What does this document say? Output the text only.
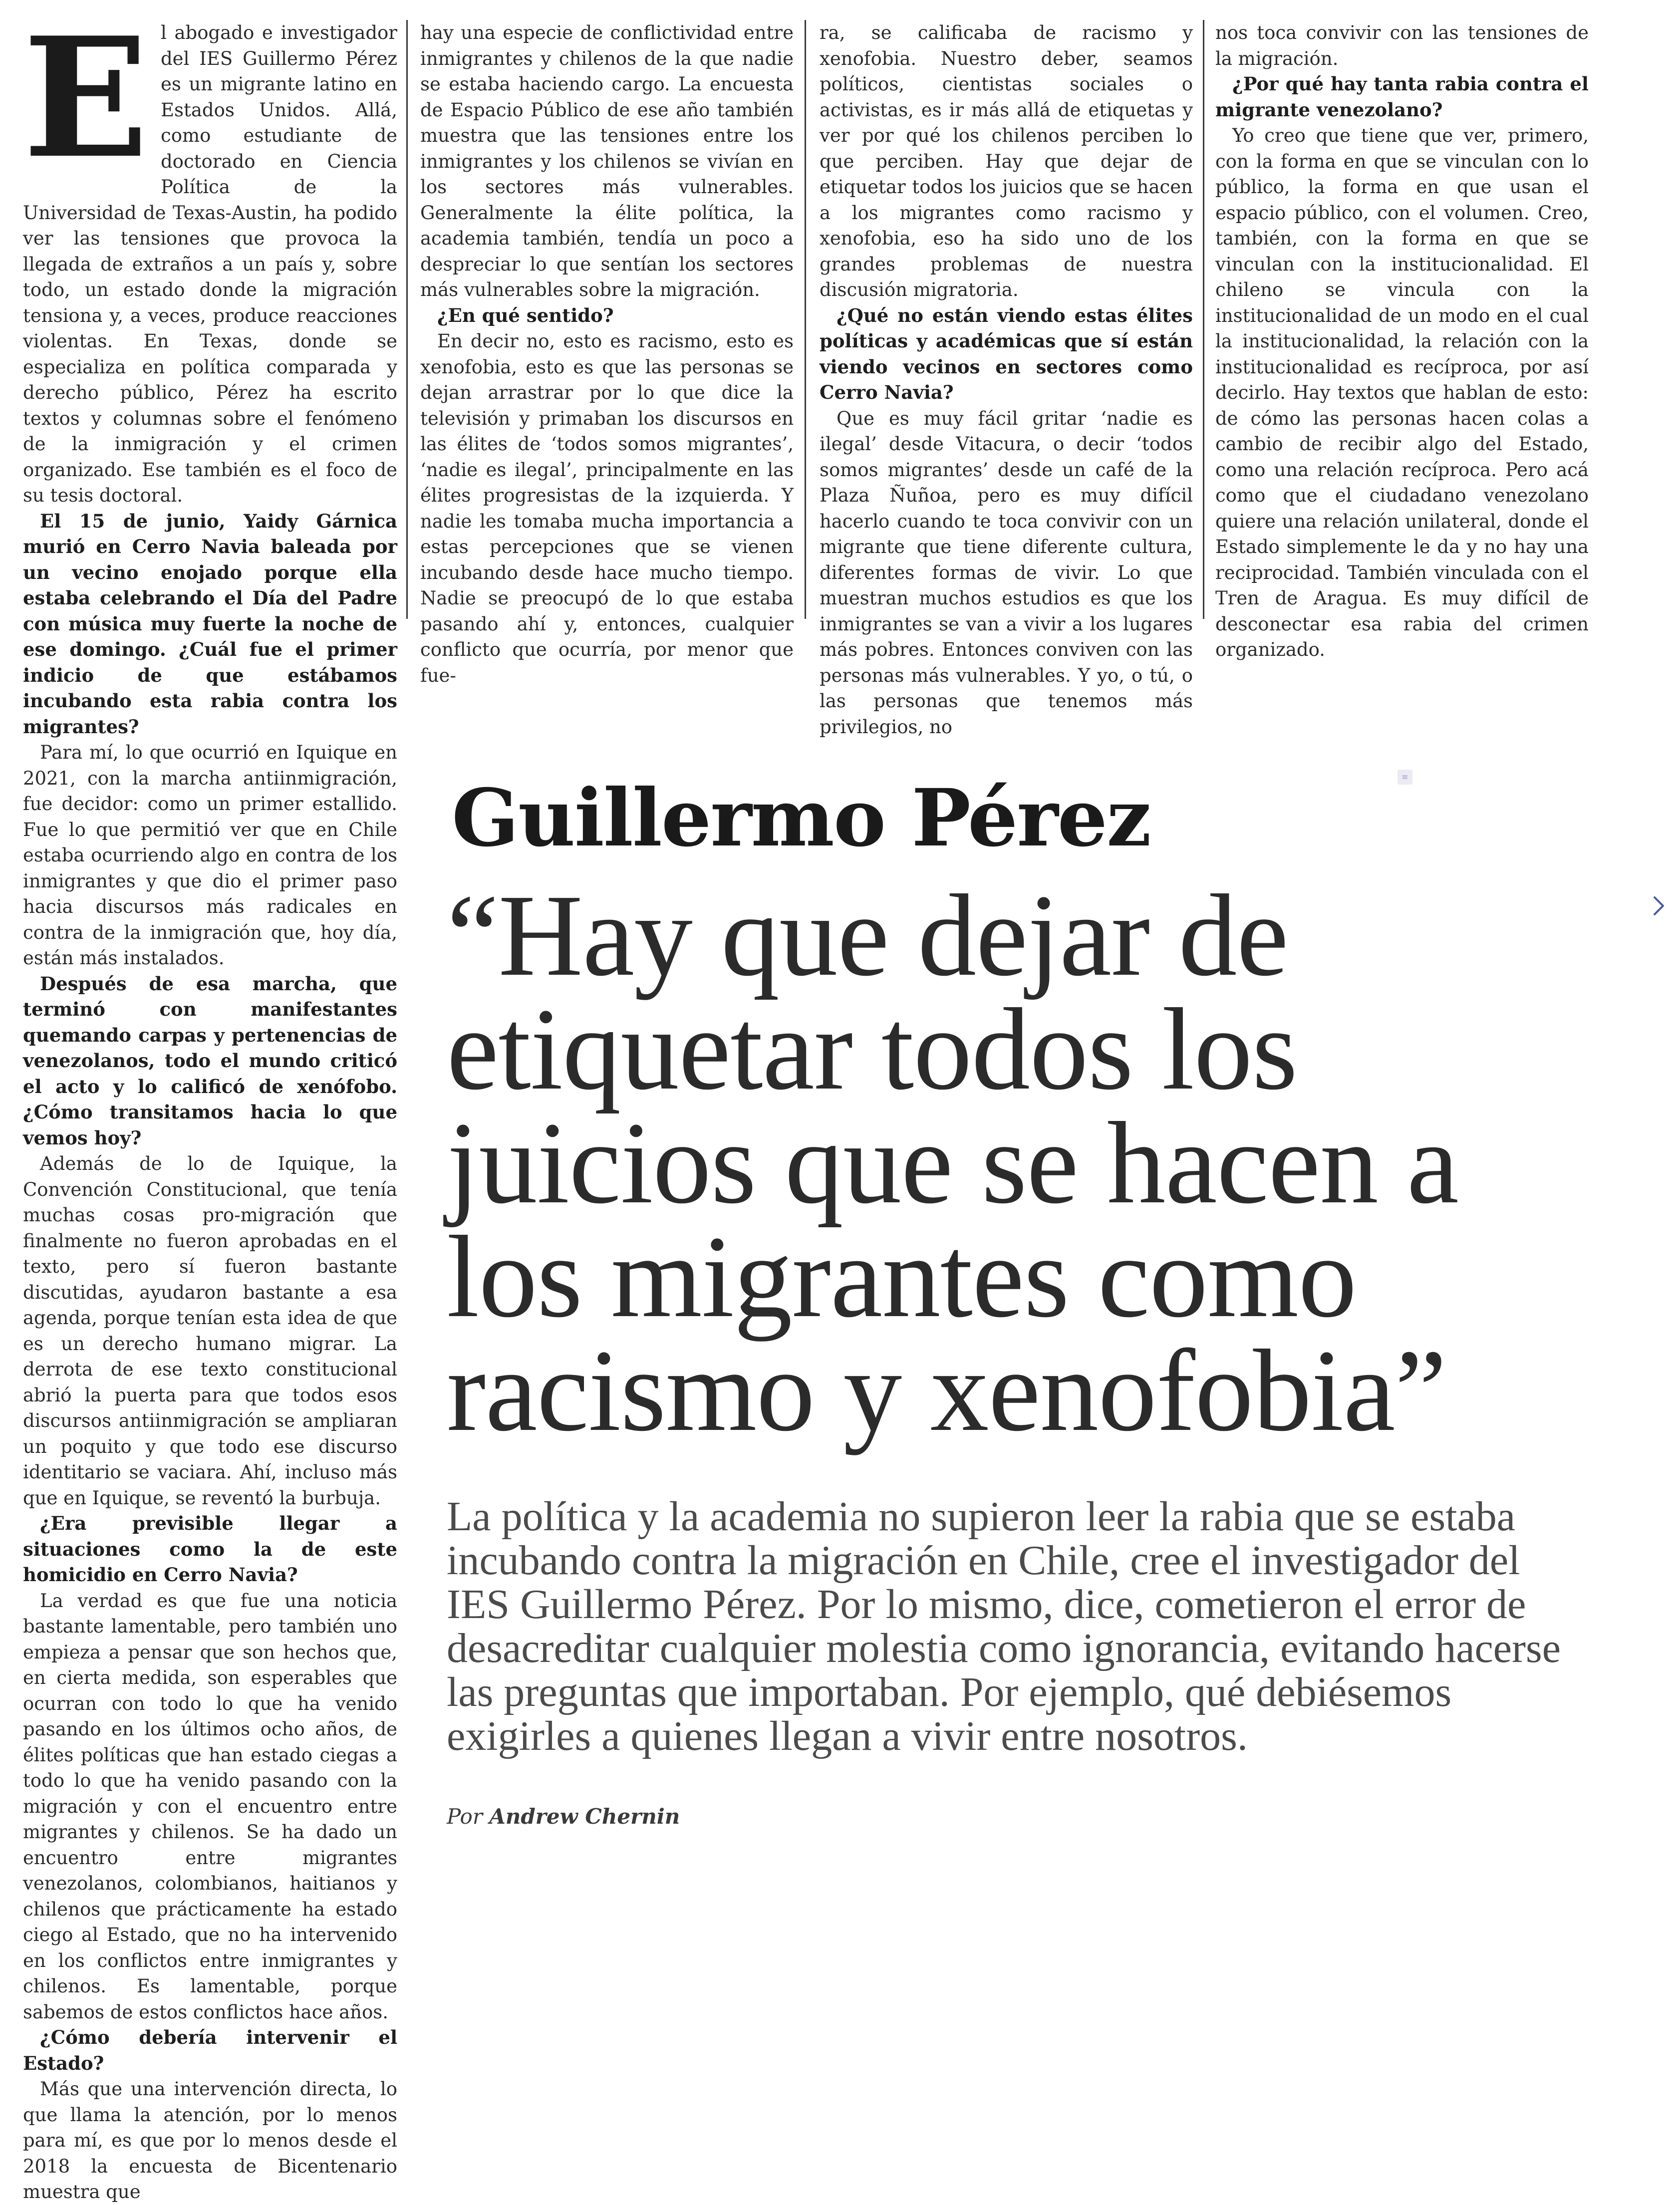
E l abogado e investigador del IES Guillermo Pérez es un migrante latino en Estados Unidos. Allá, como estudiante de doctorado en Ciencia Política de la Universidad de Texas-Austin, ha podido ver las tensiones que provoca la llegada de extraños a un país y, sobre todo, un estado donde la migración tensiona y, a veces, produce reacciones violentas. En Texas, donde se especializa en política comparada y derecho público, Pérez ha escrito textos y columnas sobre el fenómeno de la inmigración y el crimen organizado. Ese también es el foco de su tesis doctoral.

El 15 de junio, Yaidy Gárnica murió en Cerro Navia baleada por un vecino enojado porque ella estaba celebrando el Día del Padre con música muy fuerte la noche de ese domingo. ¿Cuál fue el primer indicio de que estábamos incubando esta rabia contra los migrantes?

Para mí, lo que ocurrió en Iquique en 2021, con la marcha antiinmigración, fue decidor: como un primer estallido. Fue lo que permitió ver que en Chile estaba ocurriendo algo en contra de los inmigrantes y que dio el primer paso hacia discursos más radicales en contra de la inmigración que, hoy día, están más instalados.

Después de esa marcha, que terminó con manifestantes quemando carpas y pertenencias de venezolanos, todo el mundo criticó el acto y lo calificó de xenófobo. ¿Cómo transitamos hacia lo que vemos hoy?

Además de lo de Iquique, la Convención Constitucional, que tenía muchas cosas pro-migración que finalmente no fueron aprobadas en el texto, pero sí fueron bastante discutidas, ayudaron bastante a esa agenda, porque tenían esta idea de que es un derecho humano migrar. La derrota de ese texto constitucional abrió la puerta para que todos esos discursos antiinmigración se ampliaran un poquito y que todo ese discurso identitario se vaciara. Ahí, incluso más que en Iquique, se reventó la burbuja.

¿Era previsible llegar a situaciones como la de este homicidio en Cerro Navia?

La verdad es que fue una noticia bastante lamentable, pero también uno empieza a pensar que son hechos que, en cierta medida, son esperables que ocurran con todo lo que ha venido pasando en los últimos ocho años, de élites políticas que han estado ciegas a todo lo que ha venido pasando con la migración y con el encuentro entre migrantes y chilenos. Se ha dado un encuentro entre migrantes venezolanos, colombianos, haitianos y chilenos que prácticamente ha estado ciego al Estado, que no ha intervenido en los conflictos entre inmigrantes y chilenos. Es lamentable, porque sabemos de estos conflictos hace años.

¿Cómo debería intervenir el Estado?

Más que una intervención directa, lo que llama la atención, por lo menos para mí, es que por lo menos desde el 2018 la encuesta de Bicentenario muestra que

hay una especie de conflictividad entre inmigrantes y chilenos de la que nadie se estaba haciendo cargo. La encuesta de Espacio Público de ese año también muestra que las tensiones entre los inmigrantes y los chilenos se vivían en los sectores más vulnerables. Generalmente la élite política, la academia también, tendía un poco a despreciar lo que sentían los sectores más vulnerables sobre la migración.

¿En qué sentido?

En decir no, esto es racismo, esto es xenofobia, esto es que las personas se dejan arrastrar por lo que dice la televisión y primaban los discursos en las élites de ‘todos somos migrantes’, ‘nadie es ilegal’, principalmente en las élites progresistas de la izquierda. Y nadie les tomaba mucha importancia a estas percepciones que se vienen incubando desde hace mucho tiempo. Nadie se preocupó de lo que estaba pasando ahí y, entonces, cualquier conflicto que ocurría, por menor que fue-

ra, se calificaba de racismo y xenofobia. Nuestro deber, seamos políticos, cientistas sociales o activistas, es ir más allá de etiquetas y ver por qué los chilenos perciben lo que perciben. Hay que dejar de etiquetar todos los juicios que se hacen a los migrantes como racismo y xenofobia, eso ha sido uno de los grandes problemas de nuestra discusión migratoria.

¿Qué no están viendo estas élites políticas y académicas que sí están viendo vecinos en sectores como Cerro Navia?

Que es muy fácil gritar ‘nadie es ilegal’ desde Vitacura, o decir ‘todos somos migrantes’ desde un café de la Plaza Ñuñoa, pero es muy difícil hacerlo cuando te toca convivir con un migrante que tiene diferente cultura, diferentes formas de vivir. Lo que muestran muchos estudios es que los inmigrantes se van a vivir a los lugares más pobres. Entonces conviven con las personas más vulnerables. Y yo, o tú, o las personas que tenemos más privilegios, no

nos toca convivir con las tensiones de la migración.

¿Por qué hay tanta rabia contra el migrante venezolano?

Yo creo que tiene que ver, primero, con la forma en que se vinculan con lo público, la forma en que usan el espacio público, con el volumen. Creo, también, con la forma en que se vinculan con la institucionalidad. El chileno se vincula con la institucionalidad de un modo en el cual la institucionalidad, la relación con la institucionalidad es recíproca, por así decirlo. Hay textos que hablan de esto: de cómo las personas hacen colas a cambio de recibir algo del Estado, como una relación recíproca. Pero acá como que el ciudadano venezolano quiere una relación unilateral, donde el Estado simplemente le da y no hay una reciprocidad. También vinculada con el Tren de Aragua. Es muy difícil de desconectar esa rabia del crimen organizado.

≡
Guillermo Pérez
“Hay que dejar de etiquetar todos los juicios que se hacen a los migrantes como racismo y xenofobia”

La política y la academia no supieron leer la rabia que se estaba incubando contra la migración en Chile, cree el investigador del IES Guillermo Pérez. Por lo mismo, dice, cometieron el error de desacreditar cualquier molestia como ignorancia, evitando hacerse las preguntas que importaban. Por ejemplo, qué debiésemos exigirles a quienes llegan a vivir entre nosotros.

Por Andrew Chernin
